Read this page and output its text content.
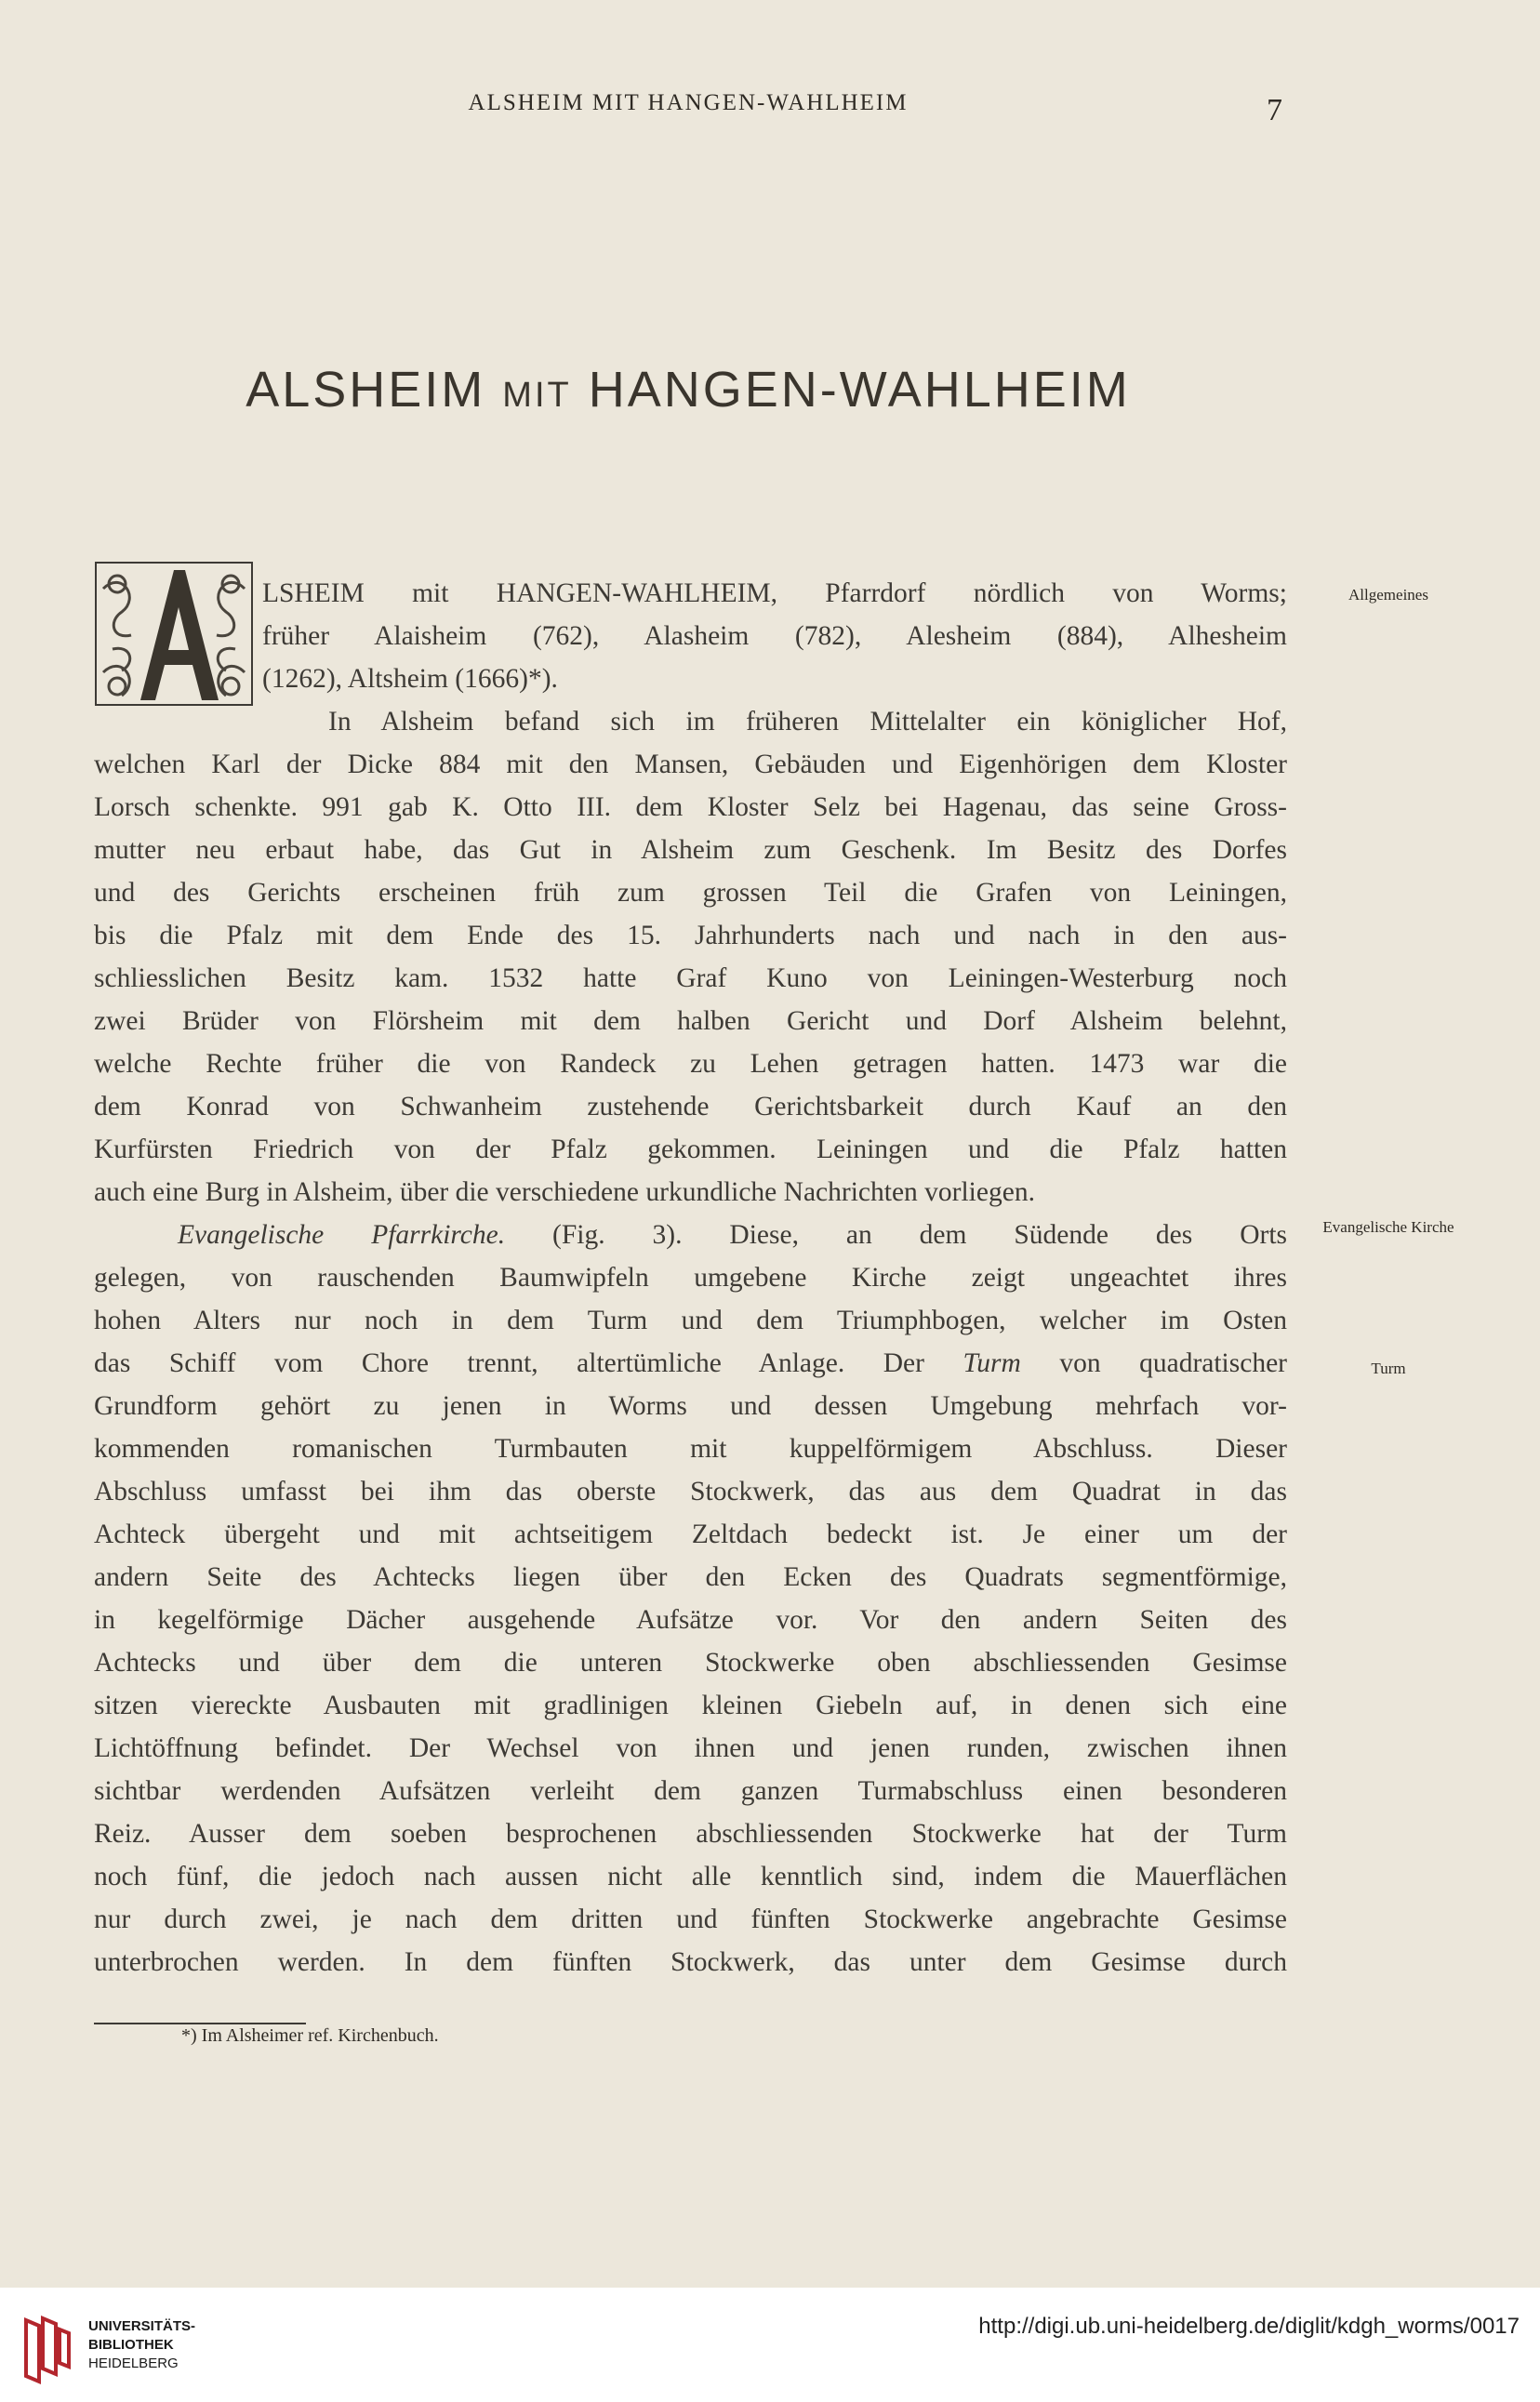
ALSHEIM MIT HANGEN-WAHLHEIM	7
ALSHEIM MIT HANGEN-WAHLHEIM
Allgemeines
LSHEIM mit HANGEN-WAHLHEIM, Pfarrdorf nördlich von Worms;
früher Alaisheim (762), Alasheim (782), Alesheim (884), Alhesheim
(1262), Altsheim (1666)*).
In Alsheim befand sich im früheren Mittelalter ein königlicher Hof,
welchen Karl der Dicke 884 mit den Mansen, Gebäuden und Eigenhörigen dem Kloster
Lorsch schenkte. 991 gab K. Otto III. dem Kloster Selz bei Hagenau, das seine Gross-
mutter neu erbaut habe, das Gut in Alsheim zum Geschenk. Im Besitz des Dorfes
und des Gerichts erscheinen früh zum grossen Teil die Grafen von Leiningen,
bis die Pfalz mit dem Ende des 15. Jahrhunderts nach und nach in den aus-
schliesslichen Besitz kam. 1532 hatte Graf Kuno von Leiningen-Westerburg noch
zwei Brüder von Flörsheim mit dem halben Gericht und Dorf Alsheim belehnt,
welche Rechte früher die von Randeck zu Lehen getragen hatten. 1473 war die
dem Konrad von Schwanheim zustehende Gerichtsbarkeit durch Kauf an den
Kurfürsten Friedrich von der Pfalz gekommen. Leiningen und die Pfalz hatten
auch eine Burg in Alsheim, über die verschiedene urkundliche Nachrichten vorliegen.
Evangelische Kirche
Turm
Evangelische Pfarrkirche. (Fig. 3). Diese, an dem Südende des Orts
gelegen, von rauschenden Baumwipfeln umgebene Kirche zeigt ungeachtet ihres
hohen Alters nur noch in dem Turm und dem Triumphbogen, welcher im Osten
das Schiff vom Chore trennt, altertümliche Anlage. Der Turm von quadratischer
Grundform gehört zu jenen in Worms und dessen Umgebung mehrfach vor-
kommenden romanischen Turmbauten mit kuppelförmigem Abschluss. Dieser
Abschluss umfasst bei ihm das oberste Stockwerk, das aus dem Quadrat in das
Achteck übergeht und mit achtseitigem Zeltdach bedeckt ist. Je einer um der
andern Seite des Achtecks liegen über den Ecken des Quadrats segmentförmige,
in kegelförmige Dächer ausgehende Aufsätze vor. Vor den andern Seiten des
Achtecks und über dem die unteren Stockwerke oben abschliessenden Gesimse
sitzen viereckte Ausbauten mit gradlinigen kleinen Giebeln auf, in denen sich eine
Lichtöffnung befindet. Der Wechsel von ihnen und jenen runden, zwischen ihnen
sichtbar werdenden Aufsätzen verleiht dem ganzen Turmabschluss einen besonderen
Reiz. Ausser dem soeben besprochenen abschliessenden Stockwerke hat der Turm
noch fünf, die jedoch nach aussen nicht alle kenntlich sind, indem die Mauerflächen
nur durch zwei, je nach dem dritten und fünften Stockwerke angebrachte Gesimse
unterbrochen werden. In dem fünften Stockwerk, das unter dem Gesimse durch
*) Im Alsheimer ref. Kirchenbuch.
UNIVERSITÄTS-
BIBLIOTHEK
HEIDELBERG
http://digi.ub.uni-heidelberg.de/diglit/kdgh_worms/0017
